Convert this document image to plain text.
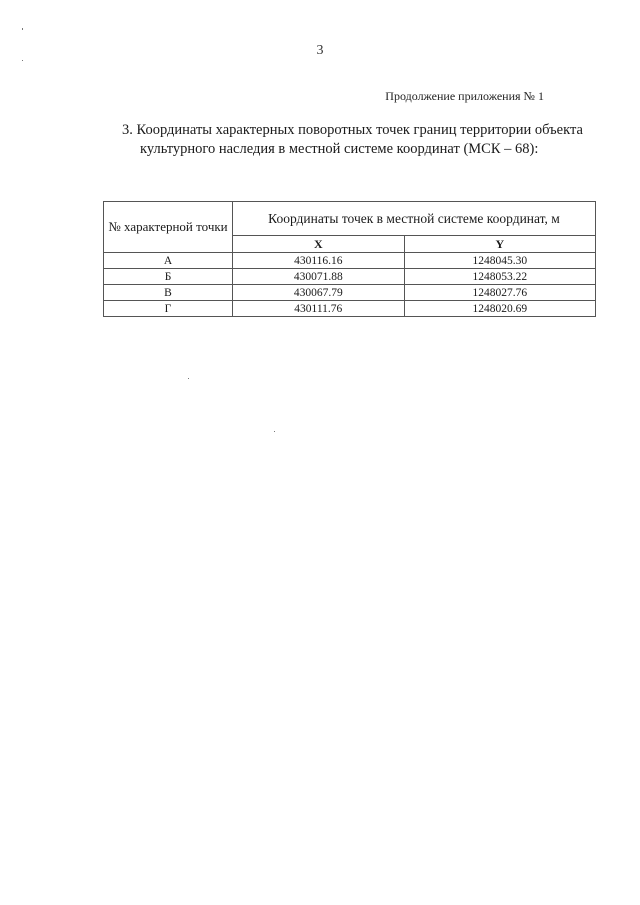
3
Продолжение приложения № 1
3. Координаты характерных поворотных точек границ территории объекта культурного наследия в местной системе координат (МСК – 68):
№ характерной точки	Координаты точек в местной системе координат, м	
	X	Y
А	430116.16	1248045.30
Б	430071.88	1248053.22
В	430067.79	1248027.76
Г	430111.76	1248020.69
